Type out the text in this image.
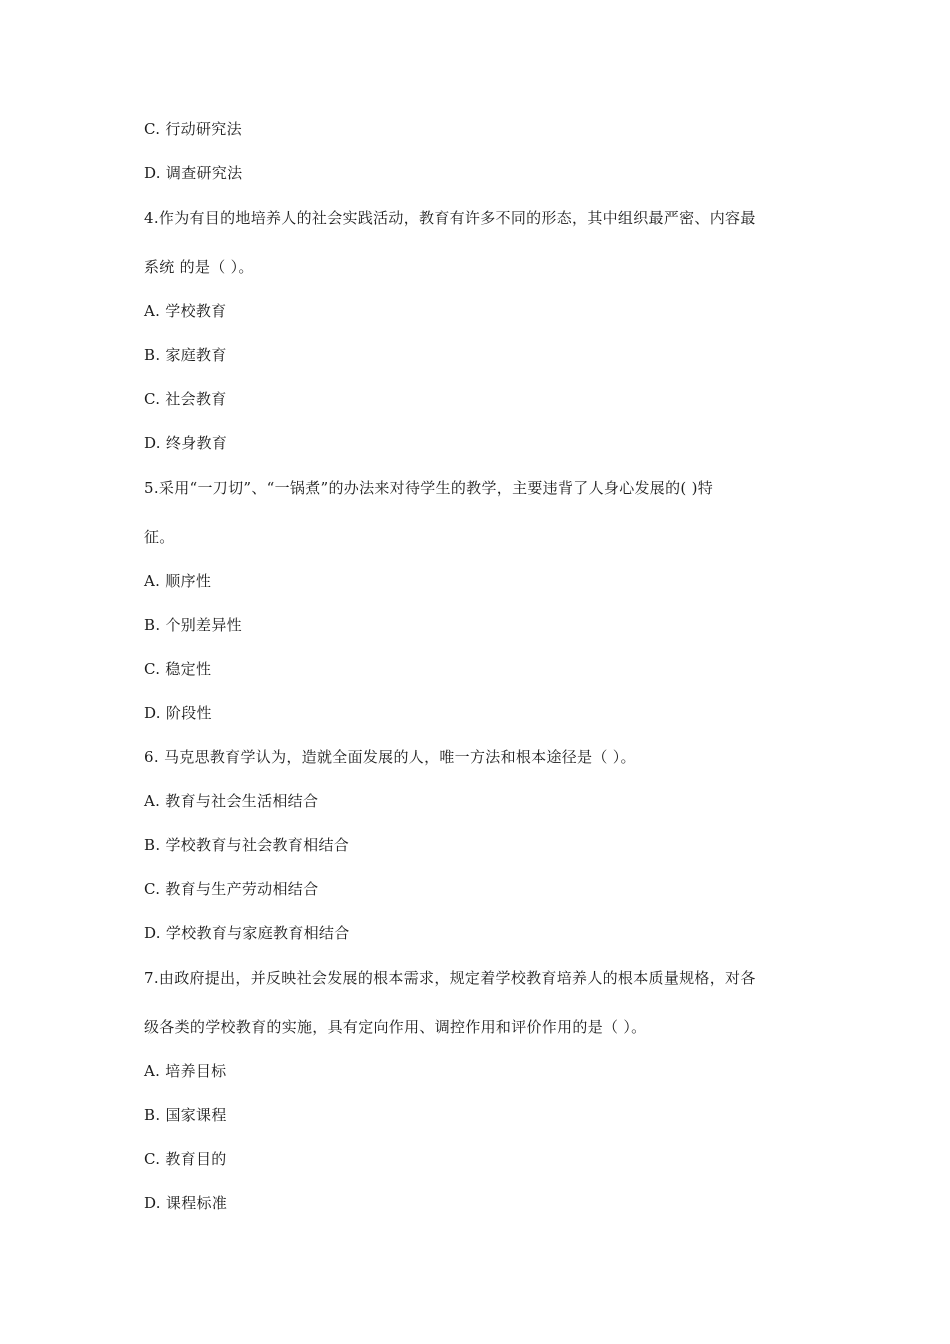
C. 行动研究法
D. 调查研究法
4.作为有目的地培养人的社会实践活动，教育有许多不同的形态，其中组织最严密、内容最
系统 的是（ ）。
A. 学校教育
B. 家庭教育
C. 社会教育
D. 终身教育
5.采用“一刀切”、“一锅煮”的办法来对待学生的教学，主要违背了人身心发展的( )特
征。
A. 顺序性
B. 个别差异性
C. 稳定性
D. 阶段性
6. 马克思教育学认为，造就全面发展的人，唯一方法和根本途径是（ ）。
A. 教育与社会生活相结合
B. 学校教育与社会教育相结合
C. 教育与生产劳动相结合
D. 学校教育与家庭教育相结合
7.由政府提出，并反映社会发展的根本需求，规定着学校教育培养人的根本质量规格，对各
级各类的学校教育的实施，具有定向作用、调控作用和评价作用的是（ ）。
A. 培养目标
B. 国家课程
C. 教育目的
D. 课程标准
